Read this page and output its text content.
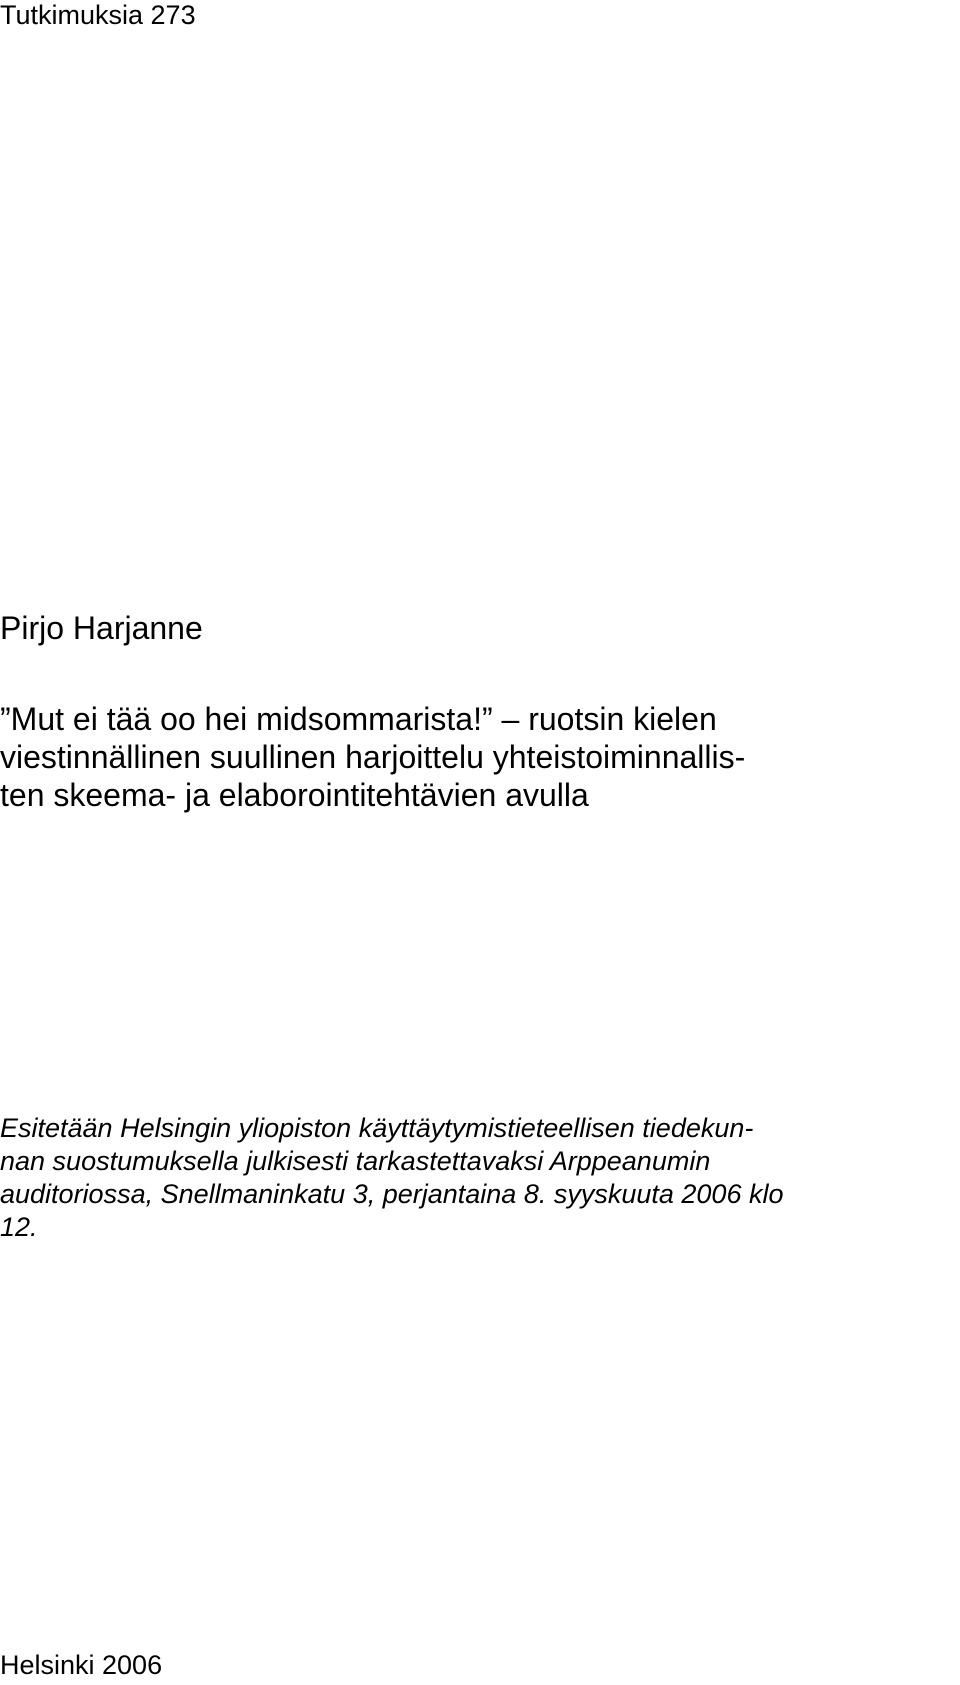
Tutkimuksia 273
Pirjo Harjanne
”Mut ei tää oo hei midsommarista!” – ruotsin kielen
viestinnällinen suullinen harjoittelu yhteistoiminnallis-
ten skeema- ja elaborointitehtävien avulla
Esitetään Helsingin yliopiston käyttäytymistieteellisen tiedekun-
nan suostumuksella julkisesti tarkastettavaksi Arppeanumin
auditoriossa, Snellmaninkatu 3, perjantaina 8. syyskuuta 2006 klo
12.
Helsinki 2006
